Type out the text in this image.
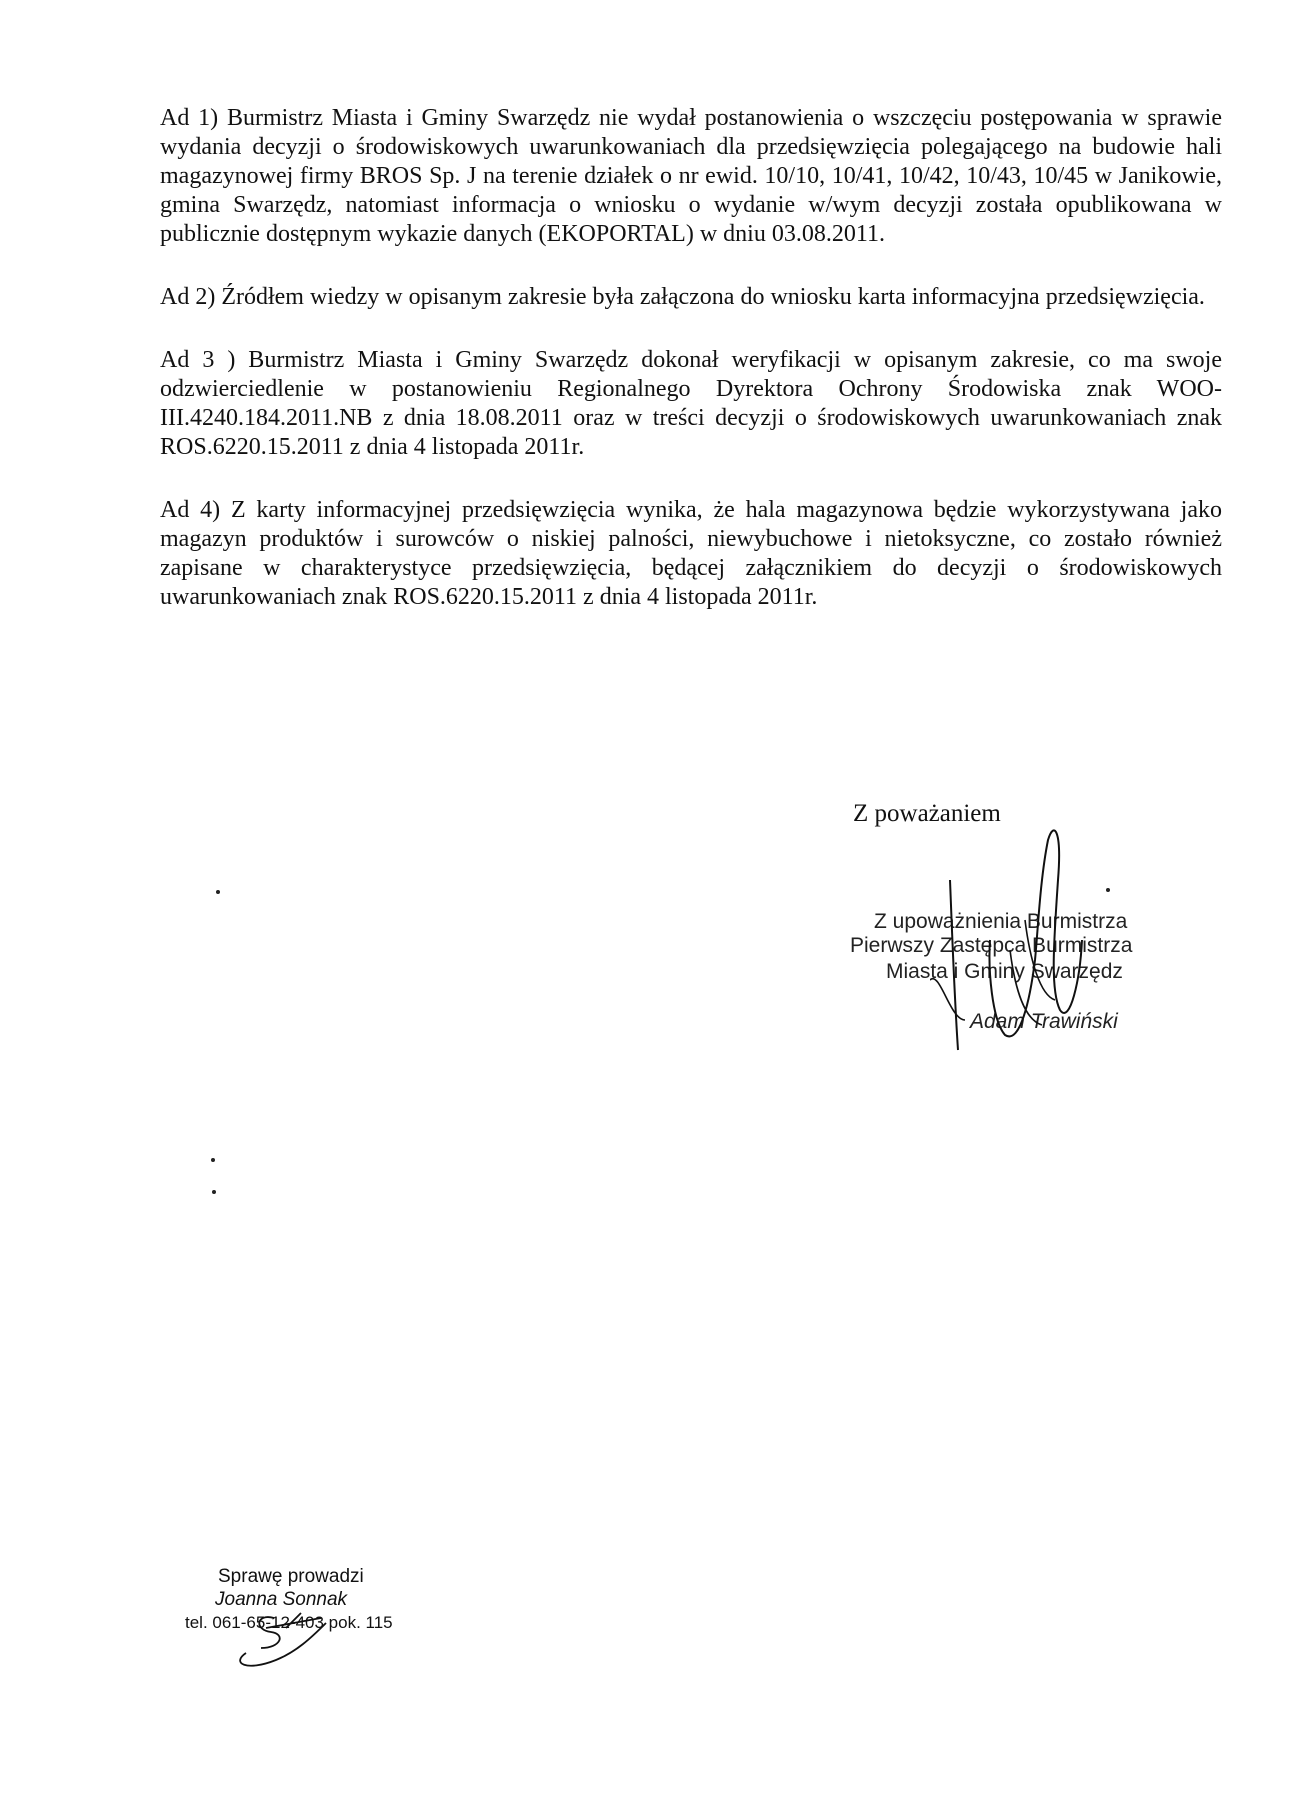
Ad 1) Burmistrz Miasta i Gminy Swarzędz nie wydał postanowienia o wszczęciu postępowania w sprawie wydania decyzji o środowiskowych uwarunkowaniach dla przedsięwzięcia polegającego na budowie hali magazynowej firmy BROS Sp. J na terenie działek o nr ewid. 10/10, 10/41, 10/42, 10/43, 10/45 w Janikowie, gmina Swarzędz, natomiast informacja o wniosku o wydanie w/wym decyzji została opublikowana w publicznie dostępnym wykazie danych (EKOPORTAL) w dniu 03.08.2011.

Ad 2) Źródłem wiedzy w opisanym zakresie była załączona do wniosku karta informacyjna przedsięwzięcia.

Ad 3 ) Burmistrz Miasta i Gminy Swarzędz dokonał weryfikacji w opisanym zakresie, co ma swoje odzwierciedlenie w postanowieniu Regionalnego Dyrektora Ochrony Środowiska znak WOO-III.4240.184.2011.NB z dnia 18.08.2011 oraz w treści decyzji o środowiskowych uwarunkowaniach znak ROS.6220.15.2011 z dnia 4 listopada 2011r.

Ad 4) Z karty informacyjnej przedsięwzięcia wynika, że hala magazynowa będzie wykorzystywana jako magazyn produktów i surowców o niskiej palności, niewybuchowe i nietoksyczne, co zostało również zapisane w charakterystyce przedsięwzięcia, będącej załącznikiem do decyzji o środowiskowych uwarunkowaniach znak ROS.6220.15.2011 z dnia 4 listopada 2011r.

Z poważaniem
Z upoważnienia Burmistrza
Pierwszy Zastępca Burmistrza
Miasta i Gminy Swarzędz
Adam Trawiński
Sprawę prowadzi
Joanna Sonnak
tel. 061-65-12-403 pok. 115
